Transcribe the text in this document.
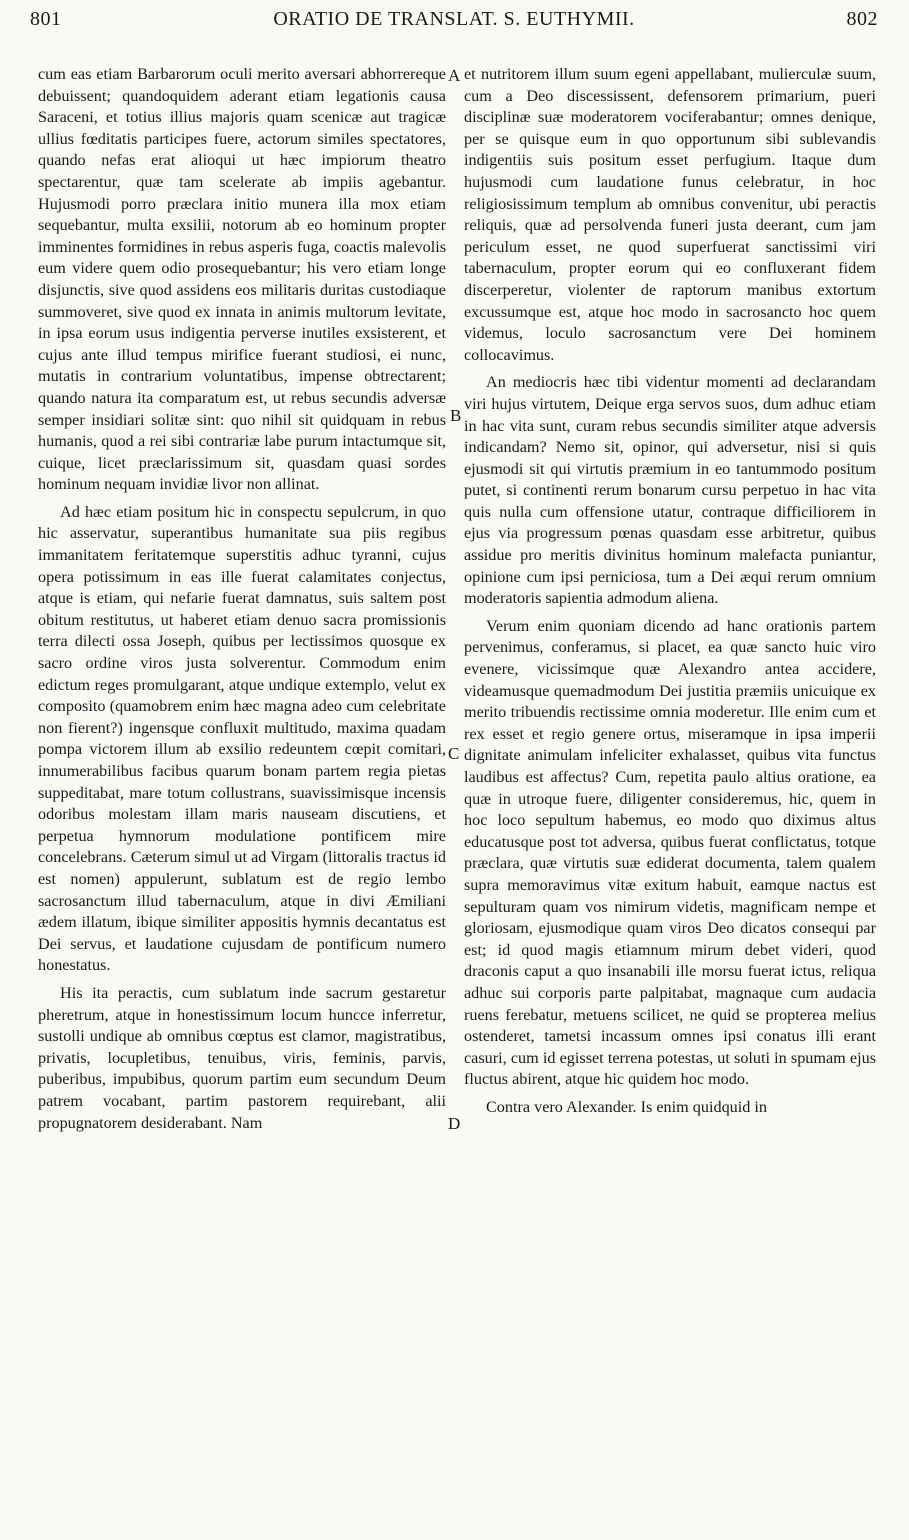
801	ORATIO DE TRANSLAT. S. EUTHYMII.	802

cum eas etiam Barbarorum oculi merito aversari abhorrereque debuissent; quandoquidem aderant etiam legationis causa Saraceni, et totius illius majoris quam scenicæ aut tragicæ ullius fœditatis participes fuere, actorum similes spectatores, quando nefas erat alioqui ut hæc impiorum theatro spectarentur, quæ tam scelerate ab impiis agebantur. Hujusmodi porro præclara initio munera illa mox etiam sequebantur, multa exsilii, notorum ab eo hominum propter imminentes formidines in rebus asperis fuga, coactis malevolis eum videre quem odio prosequebantur; his vero etiam longe disjunctis, sive quod assidens eos militaris duritas custodiaque summoveret, sive quod ex innata in animis multorum levitate, in ipsa eorum usus indigentia perverse inutiles exsisterent, et cujus ante illud tempus mirifice fuerant studiosi, ei nunc, mutatis in contrarium voluntatibus, impense obtrectarent; quando natura ita comparatum est, ut rebus secundis adversæ semper insidiari solitæ sint: quo nihil sit quidquam in rebus humanis, quod a rei sibi contrariæ labe purum intactumque sit, cuique, licet præclarissimum sit, quasdam quasi sordes hominum nequam invidiæ livor non allinat.

Ad hæc etiam positum hic in conspectu sepulcrum, in quo hic asservatur, superantibus humanitate sua piis regibus immanitatem feritatemque superstitis adhuc tyranni, cujus opera potissimum in eas ille fuerat calamitates conjectus, atque is etiam, qui nefarie fuerat damnatus, suis saltem post obitum restitutus, ut haberet etiam denuo sacra promissionis terra dilecti ossa Joseph, quibus per lectissimos quosque ex sacro ordine viros justa solverentur. Commodum enim edictum reges promulgarant, atque undique extemplo, velut ex composito (quamobrem enim hæc magna adeo cum celebritate non fierent?) ingensque confluxit multitudo, maxima quadam pompa victorem illum ab exsilio redeuntem cœpit comitari, innumerabilibus facibus quarum bonam partem regia pietas suppeditabat, mare totum collustrans, suavissimisque incensis odoribus molestam illam maris nauseam discutiens, et perpetua hymnorum modulatione pontificem mire concelebrans. Cæterum simul ut ad Virgam (littoralis tractus id est nomen) appulerunt, sublatum est de regio lembo sacrosanctum illud tabernaculum, atque in divi Æmiliani ædem illatum, ibique similiter appositis hymnis decantatus est Dei servus, et laudatione cujusdam de pontificum numero honestatus.

His ita peractis, cum sublatum inde sacrum gestaretur pheretrum, atque in honestissimum locum huncce inferretur, sustolli undique ab omnibus cœptus est clamor, magistratibus, privatis, locupletibus, tenuibus, viris, feminis, parvis, puberibus, impubibus, quorum partim eum secundum Deum patrem vocabant, partim pastorem requirebant, alii propugnatorem desiderabant. Nam

et nutritorem illum suum egeni appellabant, mulierculæ suum, cum a Deo discessissent, defensorem primarium, pueri disciplinæ suæ moderatorem vociferabantur; omnes denique, per se quisque eum in quo opportunum sibi sublevandis indigentiis suis positum esset perfugium. Itaque dum hujusmodi cum laudatione funus celebratur, in hoc religiosissimum templum ab omnibus convenitur, ubi peractis reliquis, quæ ad persolvenda funeri justa deerant, cum jam periculum esset, ne quod superfuerat sanctissimi viri tabernaculum, propter eorum qui eo confluxerant fidem discerperetur, violenter de raptorum manibus extortum excussumque est, atque hoc modo in sacrosancto hoc quem videmus, loculo sacrosanctum vere Dei hominem collocavimus.

An mediocris hæc tibi videntur momenti ad declarandam viri hujus virtutem, Deique erga servos suos, dum adhuc etiam in hac vita sunt, curam rebus secundis similiter atque adversis indicandam? Nemo sit, opinor, qui adversetur, nisi si quis ejusmodi sit qui virtutis præmium in eo tantummodo positum putet, si continenti rerum bonarum cursu perpetuo in hac vita quis nulla cum offensione utatur, contraque difficiliorem in ejus via progressum pœnas quasdam esse arbitretur, quibus assidue pro meritis divinitus hominum malefacta puniantur, opinione cum ipsi perniciosa, tum a Dei æqui rerum omnium moderatoris sapientia admodum aliena.

Verum enim quoniam dicendo ad hanc orationis partem pervenimus, conferamus, si placet, ea quæ sancto huic viro evenere, vicissimque quæ Alexandro antea accidere, videamusque quemadmodum Dei justitia præmiis unicuique ex merito tribuendis rectissime omnia moderetur. Ille enim cum et rex esset et regio genere ortus, miseramque in ipsa imperii dignitate animulam infeliciter exhalasset, quibus vita functus laudibus est affectus? Cum, repetita paulo altius oratione, ea quæ in utroque fuere, diligenter consideremus, hic, quem in hoc loco sepultum habemus, eo modo quo diximus altus educatusque post tot adversa, quibus fuerat conflictatus, totque præclara, quæ virtutis suæ ediderat documenta, talem qualem supra memoravimus vitæ exitum habuit, eamque nactus est sepulturam quam vos nimirum videtis, magnificam nempe et gloriosam, ejusmodique quam viros Deo dicatos consequi par est; id quod magis etiamnum mirum debet videri, quod draconis caput a quo insanabili ille morsu fuerat ictus, reliqua adhuc sui corporis parte palpitabat, magnaque cum audacia ruens ferebatur, metuens scilicet, ne quid se propterea melius ostenderet, tametsi incassum omnes ipsi conatus illi erant casuri, cum id egisset terrena potestas, ut soluti in spumam ejus fluctus abirent, atque hic quidem hoc modo.

Contra vero Alexander. Is enim quidquid in

A
B
C
D
